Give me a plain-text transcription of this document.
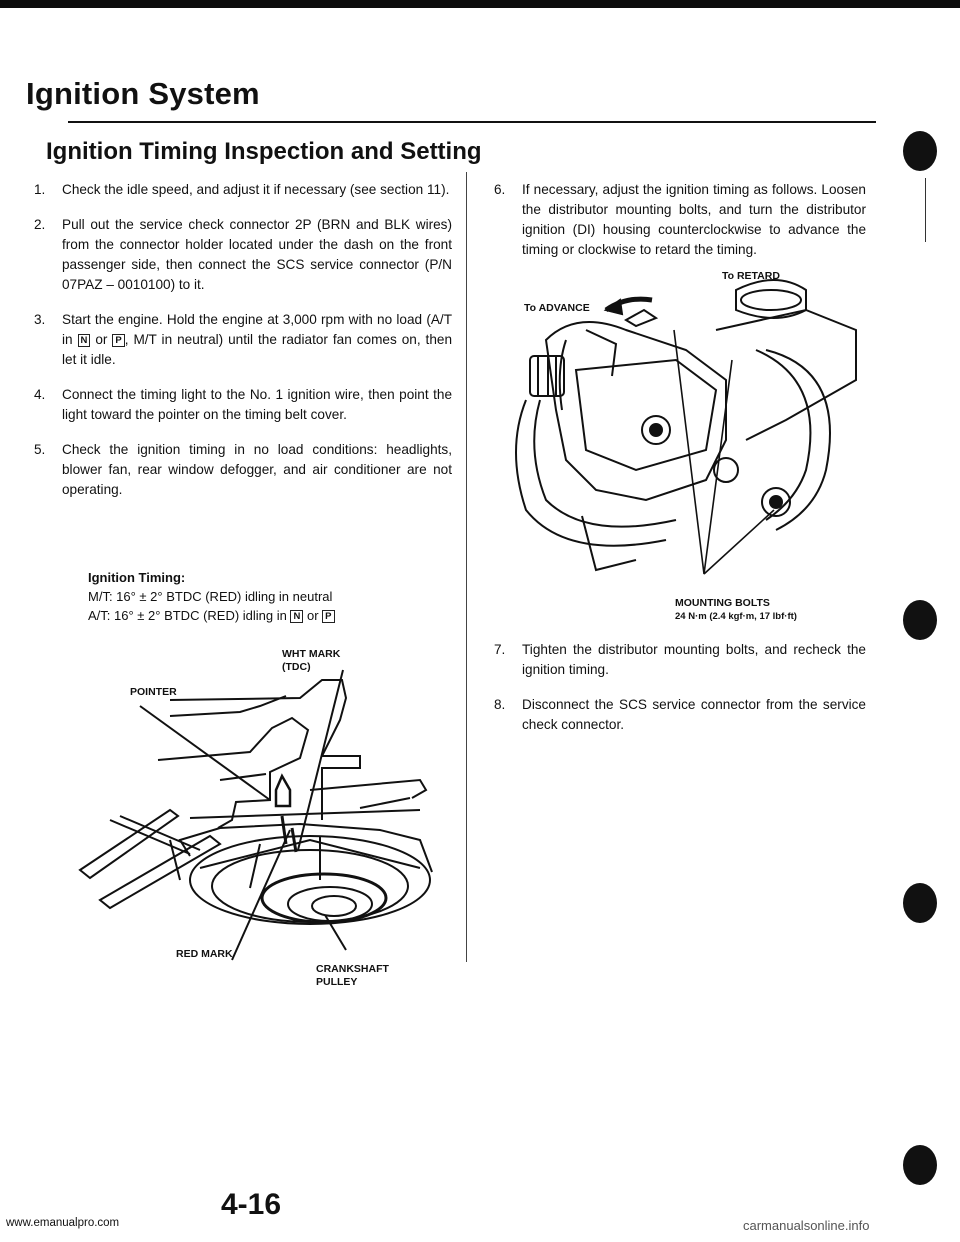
Ignition System
Ignition Timing Inspection and Setting
1.	Check the idle speed, and adjust it if necessary (see section 11).
2.	Pull out the service check connector 2P (BRN and BLK wires) from the connector holder located under the dash on the front passenger side, then connect the SCS service connector (P/N 07PAZ – 0010100) to it.
3.	Start the engine. Hold the engine at 3,000 rpm with no load (A/T in N or P , M/T in neutral) until the radiator fan comes on, then let it idle.
4.	Connect the timing light to the No. 1 ignition wire, then point the light toward the pointer on the timing belt cover.
5.	Check the ignition timing in no load conditions: headlights, blower fan, rear window defogger, and air conditioner are not operating.
Ignition Timing:
M/T: 16° ± 2° BTDC (RED) idling in neutral
A/T: 16° ± 2° BTDC (RED) idling in N or P
WHT MARK
(TDC)
POINTER
RED MARK
CRANKSHAFT
PULLEY
6.	If necessary, adjust the ignition timing as follows. Loosen the distributor mounting bolts, and turn the distributor ignition (DI) housing counterclockwise to advance the timing or clockwise to retard the timing.
To RETARD
To ADVANCE
MOUNTING BOLTS
24 N·m (2.4 kgf·m, 17 lbf·ft)
7.	Tighten the distributor mounting bolts, and recheck the ignition timing.
8.	Disconnect the SCS service connector from the service check connector.
www.emanualpro.com
4-16
carmanualsonline.info
